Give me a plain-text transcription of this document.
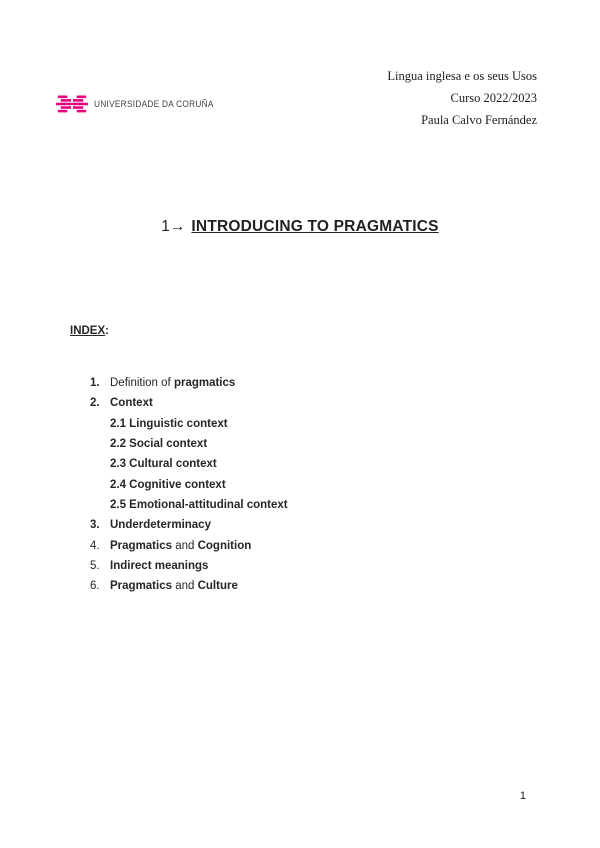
UNIVERSIDADE DA CORUÑA
Lingua inglesa e os seus Usos
Curso 2022/2023
Paula Calvo Fernández
1→ INTRODUCING TO PRAGMATICS
INDEX:
1. Definition of pragmatics
2. Context
2.1 Linguistic context
2.2 Social context
2.3 Cultural context
2.4 Cognitive context
2.5 Emotional-attitudinal context
3. Underdeterminacy
4. Pragmatics and Cognition
5. Indirect meanings
6. Pragmatics and Culture
1
